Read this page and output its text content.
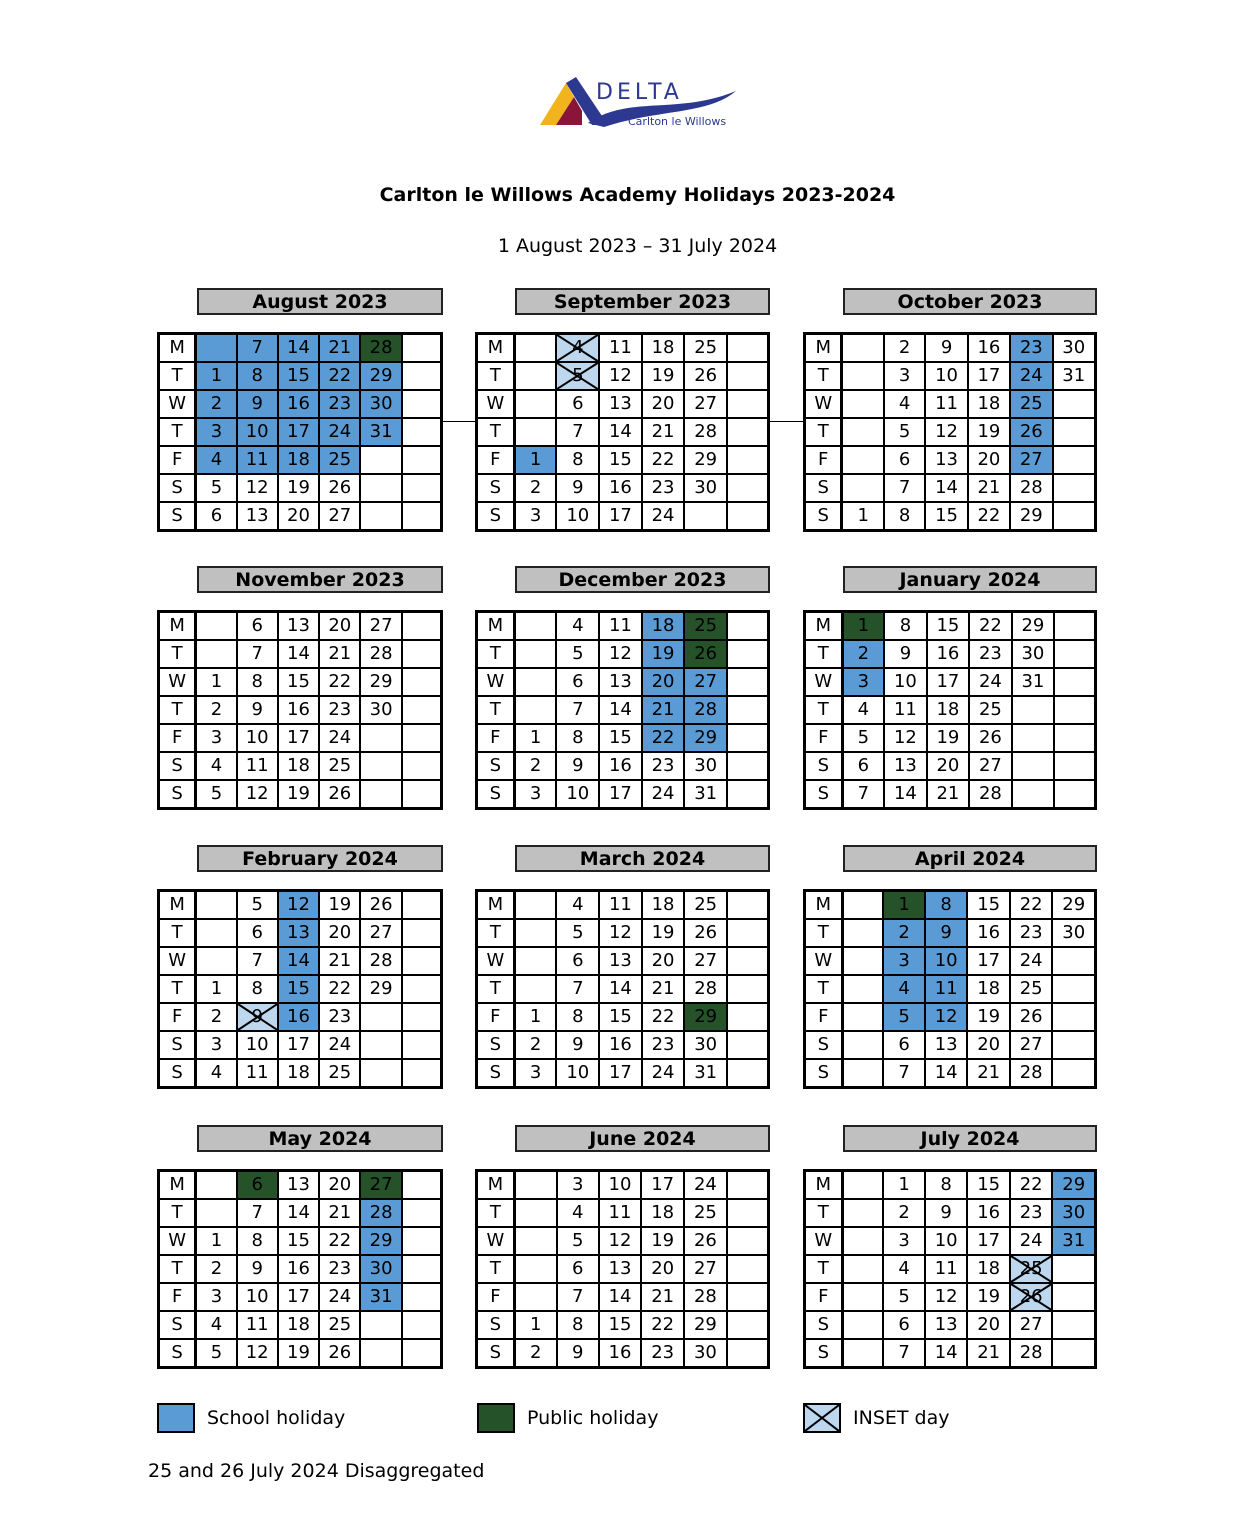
DELTA
Carlton le Willows
Carlton le Willows Academy Holidays 2023-2024
1 August 2023 – 31 July 2024
August 2023
M		7	14	21	28	
T	1	8	15	22	29	
W	2	9	16	23	30	
T	3	10	17	24	31	
F	4	11	18	25		
S	5	12	19	26		
S	6	13	20	27		
September 2023
M		4	11	18	25	
T		5	12	19	26	
W		6	13	20	27	
T		7	14	21	28	
F	1	8	15	22	29	
S	2	9	16	23	30	
S	3	10	17	24		
October 2023
M		2	9	16	23	30
T		3	10	17	24	31
W		4	11	18	25	
T		5	12	19	26	
F		6	13	20	27	
S		7	14	21	28	
S	1	8	15	22	29	
November 2023
M		6	13	20	27	
T		7	14	21	28	
W	1	8	15	22	29	
T	2	9	16	23	30	
F	3	10	17	24		
S	4	11	18	25		
S	5	12	19	26		
December 2023
M		4	11	18	25	
T		5	12	19	26	
W		6	13	20	27	
T		7	14	21	28	
F	1	8	15	22	29	
S	2	9	16	23	30	
S	3	10	17	24	31	
January 2024
M	1	8	15	22	29	
T	2	9	16	23	30	
W	3	10	17	24	31	
T	4	11	18	25		
F	5	12	19	26		
S	6	13	20	27		
S	7	14	21	28		
February 2024
M		5	12	19	26	
T		6	13	20	27	
W		7	14	21	28	
T	1	8	15	22	29	
F	2	9	16	23		
S	3	10	17	24		
S	4	11	18	25		
March 2024
M		4	11	18	25	
T		5	12	19	26	
W		6	13	20	27	
T		7	14	21	28	
F	1	8	15	22	29	
S	2	9	16	23	30	
S	3	10	17	24	31	
April 2024
M		1	8	15	22	29
T		2	9	16	23	30
W		3	10	17	24	
T		4	11	18	25	
F		5	12	19	26	
S		6	13	20	27	
S		7	14	21	28	
May 2024
M		6	13	20	27	
T		7	14	21	28	
W	1	8	15	22	29	
T	2	9	16	23	30	
F	3	10	17	24	31	
S	4	11	18	25		
S	5	12	19	26		
June 2024
M		3	10	17	24	
T		4	11	18	25	
W		5	12	19	26	
T		6	13	20	27	
F		7	14	21	28	
S	1	8	15	22	29	
S	2	9	16	23	30	
July 2024
M		1	8	15	22	29
T		2	9	16	23	30
W		3	10	17	24	31
T		4	11	18	25	
F		5	12	19	26	
S		6	13	20	27	
S		7	14	21	28	
School holiday	Public holiday	INSET day
25 and 26 July 2024 Disaggregated
